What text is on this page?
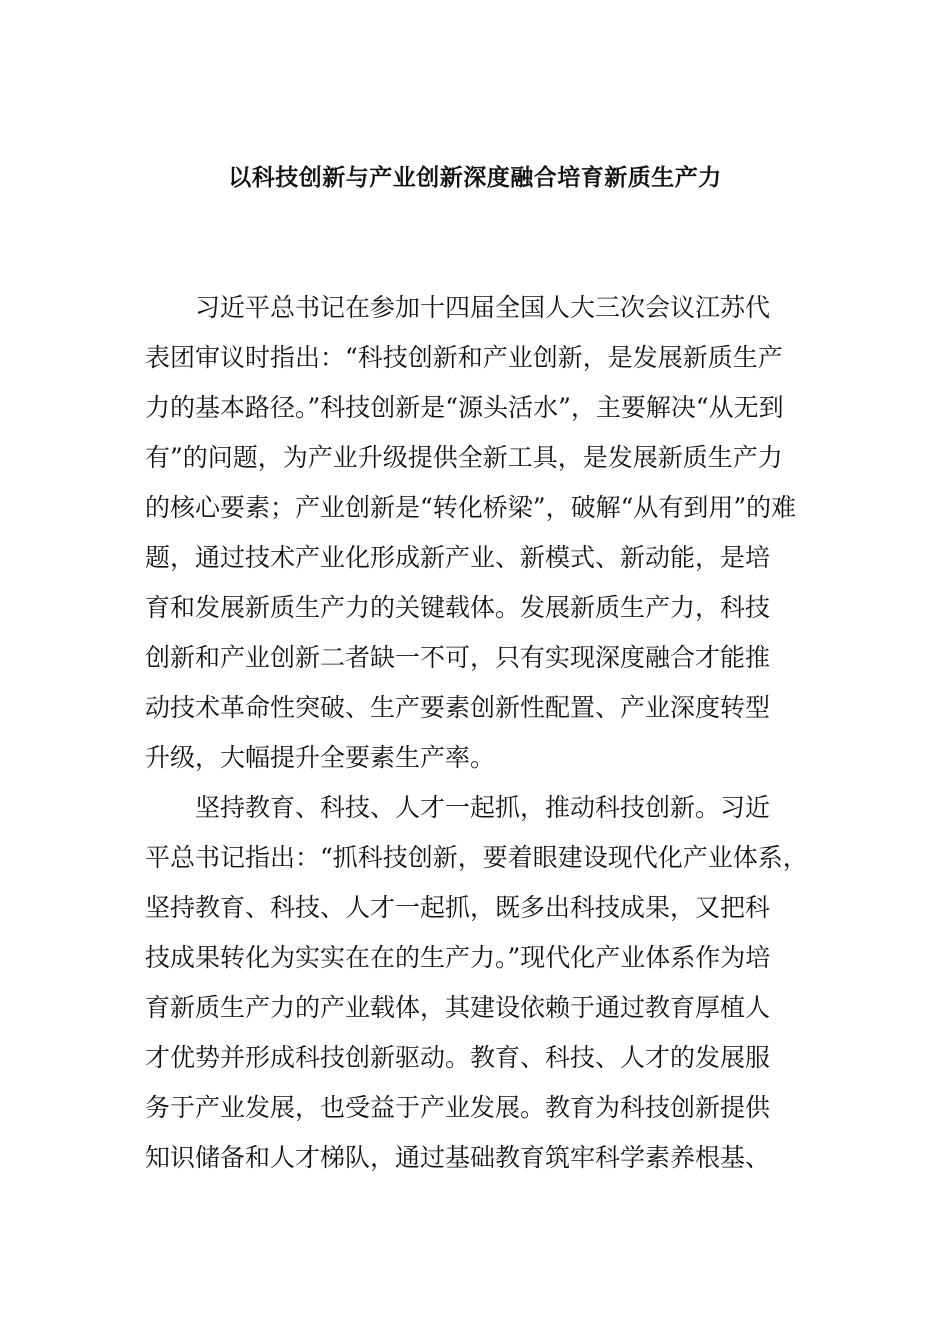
以科技创新与产业创新深度融合培育新质生产力
习近平总书记在参加十四届全国人大三次会议江苏代
表团审议时指出：“科技创新和产业创新，是发展新质生产
力的基本路径。”科技创新是“源头活水”，主要解决“从无到
有”的问题，为产业升级提供全新工具，是发展新质生产力
的核心要素；产业创新是“转化桥梁”，破解“从有到用”的难
题，通过技术产业化形成新产业、新模式、新动能，是培
育和发展新质生产力的关键载体。发展新质生产力，科技
创新和产业创新二者缺一不可，只有实现深度融合才能推
动技术革命性突破、生产要素创新性配置、产业深度转型
升级，大幅提升全要素生产率。
坚持教育、科技、人才一起抓，推动科技创新。习近
平总书记指出：“抓科技创新，要着眼建设现代化产业体系，
坚持教育、科技、人才一起抓，既多出科技成果，又把科
技成果转化为实实在在的生产力。”现代化产业体系作为培
育新质生产力的产业载体，其建设依赖于通过教育厚植人
才优势并形成科技创新驱动。教育、科技、人才的发展服
务于产业发展，也受益于产业发展。教育为科技创新提供
知识储备和人才梯队，通过基础教育筑牢科学素养根基、
